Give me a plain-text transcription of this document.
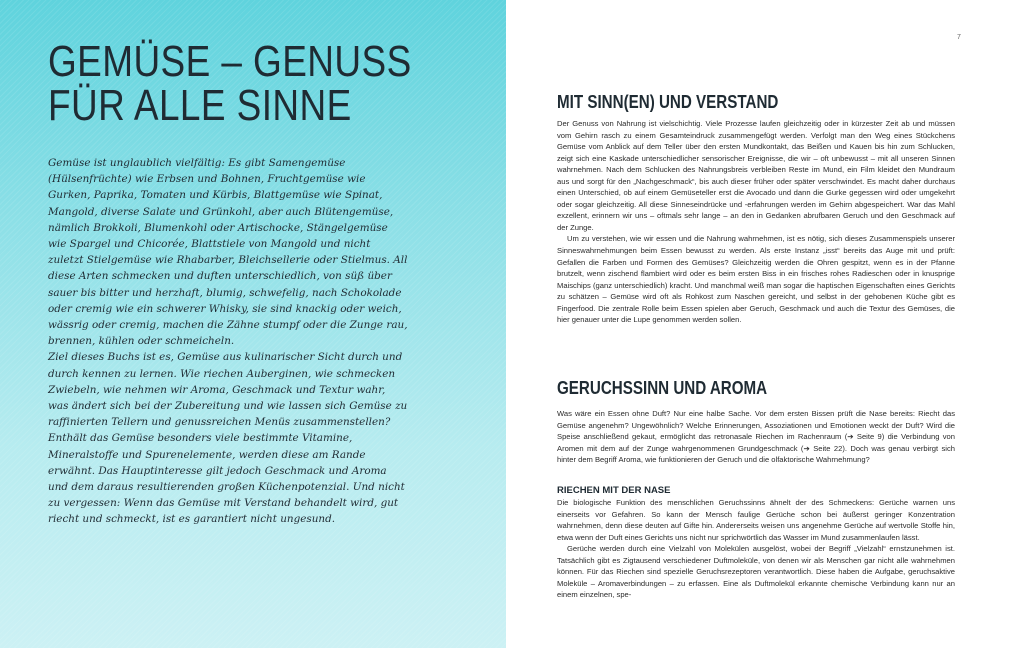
GEMÜSE – GENUSS
FÜR ALLE SINNE

Gemüse ist unglaublich vielfältig: Es gibt Samengemüse (Hülsenfrüchte) wie Erbsen und Bohnen, Fruchtgemüse wie Gurken, Paprika, Tomaten und Kürbis, Blattgemüse wie Spinat, Mangold, diverse Salate und Grünkohl, aber auch Blütengemüse, nämlich Brokkoli, Blumenkohl oder Artischocke, Stängelgemüse wie Spargel und Chicorée, Blattstiele von Mangold und nicht zuletzt Stielgemüse wie Rhabarber, Bleichsellerie oder Stielmus. All diese Arten schmecken und duften unterschiedlich, von süß über sauer bis bitter und herzhaft, blumig, schwefelig, nach Schokolade oder cremig wie ein schwerer Whisky, sie sind knackig oder weich, wässrig oder cremig, machen die Zähne stumpf oder die Zunge rau, brennen, kühlen oder schmeicheln.

Ziel dieses Buchs ist es, Gemüse aus kulinarischer Sicht durch und durch kennen zu lernen. Wie riechen Auberginen, wie schmecken Zwiebeln, wie nehmen wir Aroma, Geschmack und Textur wahr, was ändert sich bei der Zubereitung und wie lassen sich Gemüse zu raffinierten Tellern und genussreichen Menüs zusammenstellen? Enthält das Gemüse besonders viele bestimmte Vitamine, Mineralstoffe und Spurenelemente, werden diese am Rande erwähnt. Das Hauptinteresse gilt jedoch Geschmack und Aroma und dem daraus resultierenden großen Küchenpotenzial. Und nicht zu vergessen: Wenn das Gemüse mit Verstand behandelt wird, gut riecht und schmeckt, ist es garantiert nicht ungesund.

7
MIT SINN(EN) UND VERSTAND

Der Genuss von Nahrung ist vielschichtig. Viele Prozesse laufen gleichzeitig oder in kürzester Zeit ab und müssen vom Gehirn rasch zu einem Gesamteindruck zusammengefügt werden. Verfolgt man den Weg eines Stückchens Gemüse vom Anblick auf dem Teller über den ersten Mundkontakt, das Beißen und Kauen bis hin zum Schlucken, zeigt sich eine Kaskade unterschiedlicher sensorischer Ereignisse, die wir – oft unbewusst – mit all unseren Sinnen wahrnehmen. Nach dem Schlucken des Nahrungsbreis verbleiben Reste im Mund, ein Film kleidet den Mundraum aus und sorgt für den „Nachgeschmack“, bis auch dieser früher oder später verschwindet. Es macht daher durchaus einen Unterschied, ob auf einem Gemüseteller erst die Avocado und dann die Gurke gegessen wird oder umgekehrt oder sogar gleichzeitig. All diese Sinneseindrücke und -erfahrungen werden im Gehirn abgespeichert. War das Mahl exzellent, erinnern wir uns – oftmals sehr lange – an den in Gedanken abrufbaren Geruch und den Geschmack auf der Zunge.

Um zu verstehen, wie wir essen und die Nahrung wahrnehmen, ist es nötig, sich dieses Zusammenspiels unserer Sinneswahrnehmungen beim Essen bewusst zu werden. Als erste Instanz „isst“ bereits das Auge mit und prüft: Gefallen die Farben und Formen des Gemüses? Gleichzeitig werden die Ohren gespitzt, wenn es in der Pfanne brutzelt, wenn zischend flambiert wird oder es beim ersten Biss in ein frisches rohes Radieschen oder in knusprige Maischips (ganz unterschiedlich) kracht. Und manchmal weiß man sogar die haptischen Eigenschaften eines Gerichts zu schätzen – Gemüse wird oft als Rohkost zum Naschen gereicht, und selbst in der gehobenen Küche gibt es Fingerfood. Die zentrale Rolle beim Essen spielen aber Geruch, Geschmack und auch die Textur des Gemüses, die hier genauer unter die Lupe genommen werden sollen.

GERUCHSSINN UND AROMA

Was wäre ein Essen ohne Duft? Nur eine halbe Sache. Vor dem ersten Bissen prüft die Nase bereits: Riecht das Gemüse angenehm? Ungewöhnlich? Welche Erinnerungen, Assoziationen und Emotionen weckt der Duft? Wird die Speise anschließend gekaut, ermöglicht das retronasale Riechen im Rachenraum (➔ Seite 9) die Verbindung von Aromen mit dem auf der Zunge wahrgenommenen Grundgeschmack (➔ Seite 22). Doch was genau verbirgt sich hinter dem Begriff Aroma, wie funktionieren der Geruch und die olfaktorische Wahrnehmung?

RIECHEN MIT DER NASE

Die biologische Funktion des menschlichen Geruchssinns ähnelt der des Schmeckens: Gerüche warnen uns einerseits vor Gefahren. So kann der Mensch faulige Gerüche schon bei äußerst geringer Konzentration wahrnehmen, denn diese deuten auf Gifte hin. Andererseits weisen uns angenehme Gerüche auf wertvolle Stoffe hin, etwa wenn der Duft eines Gerichts uns nicht nur sprichwörtlich das Wasser im Mund zusammenlaufen lässt.

Gerüche werden durch eine Vielzahl von Molekülen ausgelöst, wobei der Begriff „Vielzahl“ ernstzunehmen ist. Tatsächlich gibt es Zigtausend verschiedener Duftmoleküle, von denen wir als Menschen gar nicht alle wahrnehmen können. Für das Riechen sind spezielle Geruchsrezeptoren verantwortlich. Diese haben die Aufgabe, geruchsaktive Moleküle – Aromaverbindungen – zu erfassen. Eine als Duftmolekül erkannte chemische Verbindung kann nur an einem einzelnen, spe-
